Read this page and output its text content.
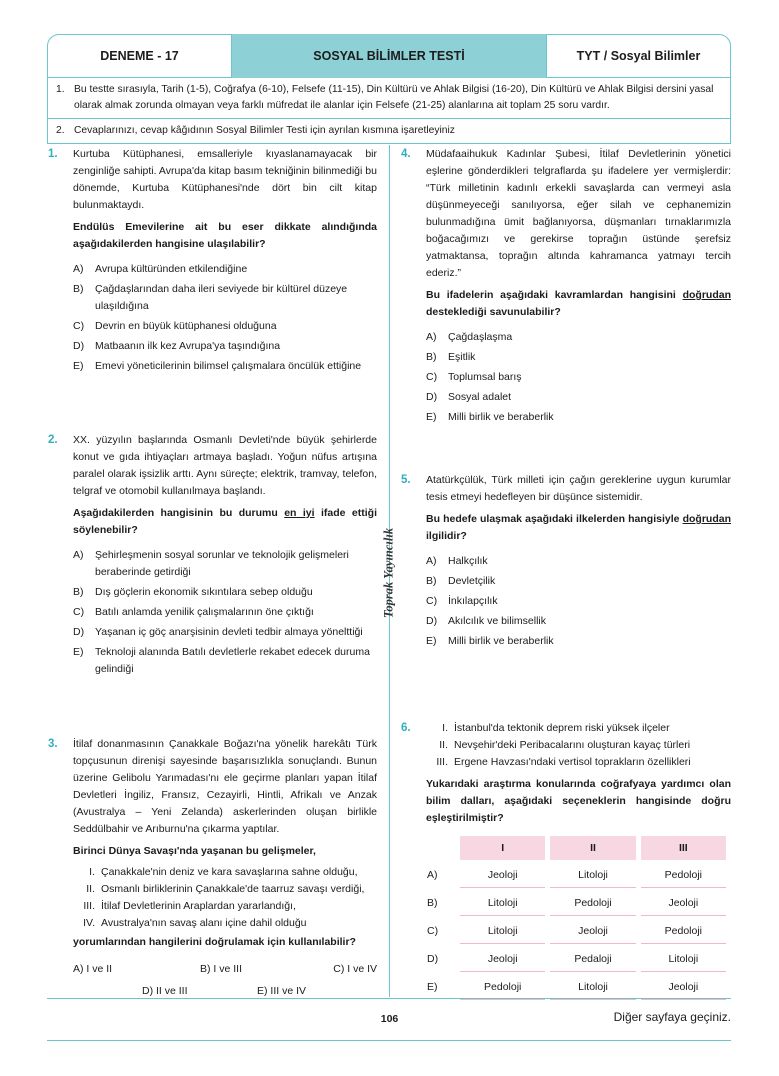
DENEME - 17	SOSYAL BİLİMLER TESTİ	TYT / Sosyal Bilimler
1. Bu testte sırasıyla, Tarih (1-5), Coğrafya (6-10), Felsefe (11-15), Din Kültürü ve Ahlak Bilgisi (16-20), Din Kültürü ve Ahlak Bilgisi dersini yasal olarak almak zorunda olmayan veya farklı müfredat ile alanlar için Felsefe (21-25) alanlarına ait toplam 25 soru vardır.
2. Cevaplarınızı, cevap kâğıdının Sosyal Bilimler Testi için ayrılan kısmına işaretleyiniz
Toprak Yayıncılık
1. Kurtuba Kütüphanesi, emsalleriyle kıyaslanamayacak bir zenginliğe sahipti. Avrupa'da kitap basım tekniğinin bilinmediği bu dönemde, Kurtuba Kütüphanesi'nde dört bin cilt kitap bulunmaktaydı.

Endülüs Emevilerine ait bu eser dikkate alındığında aşağıdakilerden hangisine ulaşılabilir?

A)	Avrupa kültüründen etkilendiğine
B)	Çağdaşlarından daha ileri seviyede bir kültürel düzeye ulaşıldığına
C)	Devrin en büyük kütüphanesi olduğuna
D)	Matbaanın ilk kez Avrupa'ya taşındığına
E)	Emevi yöneticilerinin bilimsel çalışmalara öncülük ettiğine
2. XX. yüzyılın başlarında Osmanlı Devleti'nde büyük şehirlerde konut ve gıda ihtiyaçları artmaya başladı. Yoğun nüfus artışına paralel olarak işsizlik arttı. Aynı süreçte; elektrik, tramvay, telefon, telgraf ve otomobil kullanılmaya başlandı.

Aşağıdakilerden hangisinin bu durumu en iyi ifade ettiği söylenebilir?

A)	Şehirleşmenin sosyal sorunlar ve teknolojik gelişmeleri beraberinde getirdiği
B)	Dış göçlerin ekonomik sıkıntılara sebep olduğu
C)	Batılı anlamda yenilik çalışmalarının öne çıktığı
D)	Yaşanan iç göç anarşisinin devleti tedbir almaya yönelttiği
E)	Teknoloji alanında Batılı devletlerle rekabet edecek duruma gelindiği
3. İtilaf donanmasının Çanakkale Boğazı'na yönelik harekâtı Türk topçusunun direnişi sayesinde başarısızlıkla sonuçlandı. Bunun üzerine Gelibolu Yarımadası'nı ele geçirme planları yapan İtilaf Devletleri İngiliz, Fransız, Cezayirli, Hintli, Afrikalı ve Anzak (Avustralya – Yeni Zelanda) askerlerinden oluşan birlikle Seddülbahir ve Arıburnu'na çıkarma yaptılar.

Birinci Dünya Savaşı'nda yaşanan bu gelişmeler,

I. Çanakkale'nin deniz ve kara savaşlarına sahne olduğu,
II. Osmanlı birliklerinin Çanakkale'de taarruz savaşı verdiği,
III. İtilaf Devletlerinin Araplardan yararlandığı,
IV. Avustralya'nın savaş alanı içine dahil olduğu

yorumlarından hangilerini doğrulamak için kullanılabilir?

A) I ve II	B) I ve III	C) I ve IV
D) II ve III	E) III ve IV
4. Müdafaaihukuk Kadınlar Şubesi, İtilaf Devletlerinin yönetici eşlerine gönderdikleri telgraflarda şu ifadelere yer vermişlerdir: “Türk milletinin kadınlı erkekli savaşlarda can vermeyi asla düşünmeyeceği sanılıyorsa, eğer silah ve cephanemizin bulunmadığına ümit bağlanıyorsa, düşmanları tırnaklarımızla boğacağımızı ve gerekirse toprağın üstünde şerefsiz yatmaktansa, toprağın altında kahramanca yatmayı tercih ederiz.”

Bu ifadelerin aşağıdaki kavramlardan hangisini doğrudan desteklediği savunulabilir?

A)	Çağdaşlaşma
B)	Eşitlik
C)	Toplumsal barış
D)	Sosyal adalet
E)	Milli birlik ve beraberlik
5. Atatürkçülük, Türk milleti için çağın gereklerine uygun kurumlar tesis etmeyi hedefleyen bir düşünce sistemidir.

Bu hedefe ulaşmak aşağıdaki ilkelerden hangisiyle doğrudan ilgilidir?

A)	Halkçılık
B)	Devletçilik
C)	İnkılapçılık
D)	Akılcılık ve bilimsellik
E)	Milli birlik ve beraberlik
6.	I. İstanbul'da tektonik deprem riski yüksek ilçeler
II. Nevşehir'deki Peribacalarını oluşturan kayaç türleri
III. Ergene Havzası'ndaki vertisol toprakların özellikleri

Yukarıdaki araştırma konularında coğrafyaya yardımcı olan bilim dalları, aşağıdaki seçeneklerin hangisinde doğru eşleştirilmiştir?

	I	II	III
A)	Jeoloji	Litoloji	Pedoloji
B)	Litoloji	Pedoloji	Jeoloji
C)	Litoloji	Jeoloji	Pedoloji
D)	Jeoloji	Pedaloji	Litoloji
E)	Pedoloji	Litoloji	Jeoloji
106	Diğer sayfaya geçiniz.
